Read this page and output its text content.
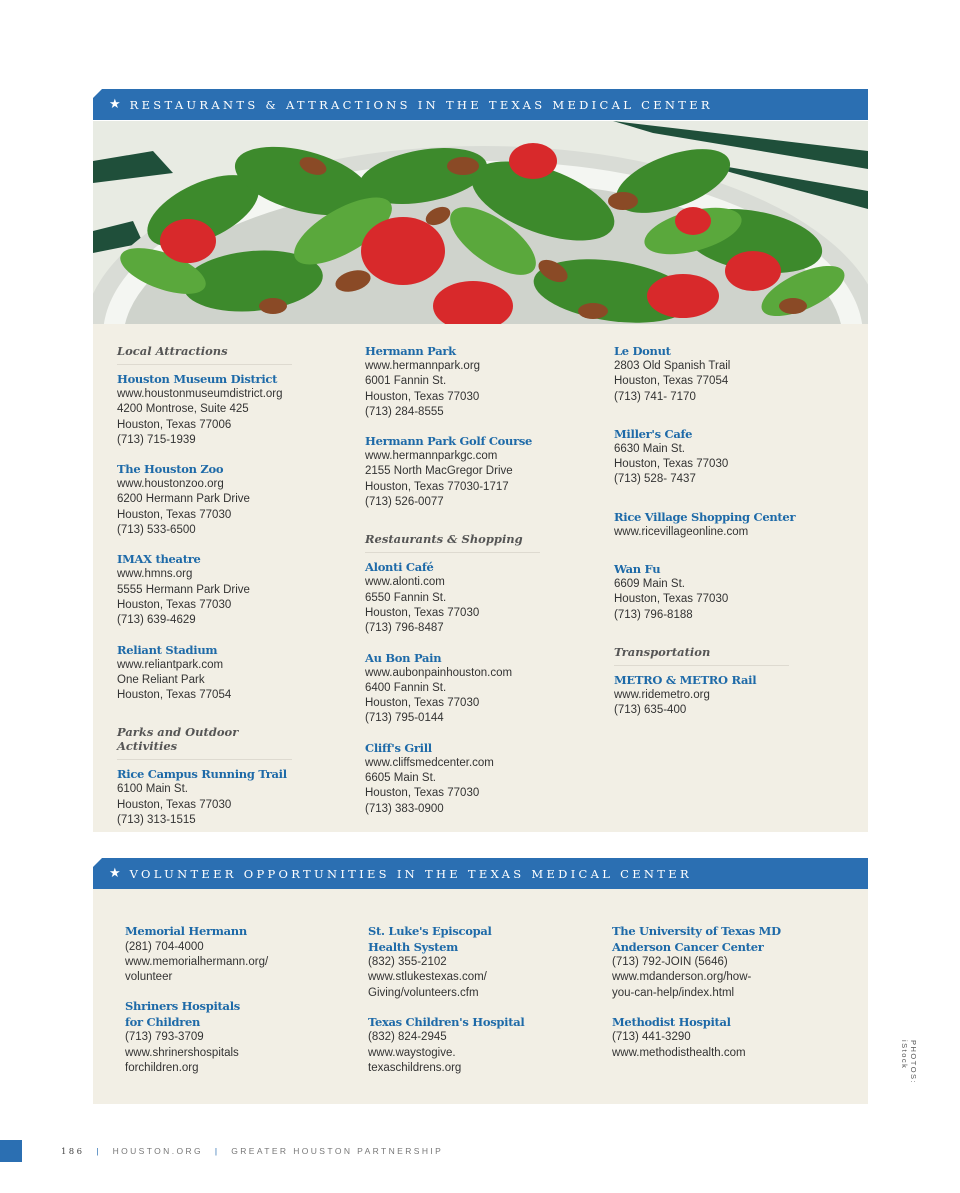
★ RESTAURANTS & ATTRACTIONS IN THE TEXAS MEDICAL CENTER
Local Attractions
Houston Museum District
www.houstonmuseumdistrict.org
4200 Montrose, Suite 425
Houston, Texas 77006
(713) 715-1939
The Houston Zoo
www.houstonzoo.org
6200 Hermann Park Drive
Houston, Texas 77030
(713) 533-6500
IMAX theatre
www.hmns.org
5555 Hermann Park Drive
Houston, Texas 77030
(713) 639-4629
Reliant Stadium
www.reliantpark.com
One Reliant Park
Houston, Texas 77054
Parks and Outdoor Activities
Rice Campus Running Trail
6100 Main St.
Houston, Texas 77030
(713) 313-1515
Hermann Park
www.hermannpark.org
6001 Fannin St.
Houston, Texas 77030
(713) 284-8555
Hermann Park Golf Course
www.hermannparkgc.com
2155 North MacGregor Drive
Houston, Texas 77030-1717
(713) 526-0077
Restaurants & Shopping
Alonti Café
www.alonti.com
6550 Fannin St.
Houston, Texas 77030
(713) 796-8487
Au Bon Pain
www.aubonpainhouston.com
6400 Fannin St.
Houston, Texas 77030
(713) 795-0144
Cliff's Grill
www.cliffsmedcenter.com
6605 Main St.
Houston, Texas 77030
(713) 383-0900
Le Donut
2803 Old Spanish Trail
Houston, Texas 77054
(713) 741- 7170
Miller's Cafe
6630 Main St.
Houston, Texas 77030
(713) 528- 7437
Rice Village Shopping Center
www.ricevillageonline.com
Wan Fu
6609 Main St.
Houston, Texas 77030
(713) 796-8188
Transportation
METRO & METRO Rail
www.ridemetro.org
(713) 635-400
★ VOLUNTEER OPPORTUNITIES IN THE TEXAS MEDICAL CENTER
Memorial Hermann
(281) 704-4000
www.memorialhermann.org/
volunteer
Shriners Hospitals
for Children
(713) 793-3709
www.shrinershospitals
forchildren.org
St. Luke's Episcopal
Health System
(832) 355-2102
www.stlukestexas.com/
Giving/volunteers.cfm
Texas Children's Hospital
(832) 824-2945
www.waystogive.
texaschildrens.org
The University of Texas MD
Anderson Cancer Center
(713) 792-JOIN (5646)
www.mdanderson.org/how-
you-can-help/index.html
Methodist Hospital
(713) 441-3290
www.methodisthealth.com	PHOTOS: iStock
186 | HOUSTON.ORG | GREATER HOUSTON PARTNERSHIP
